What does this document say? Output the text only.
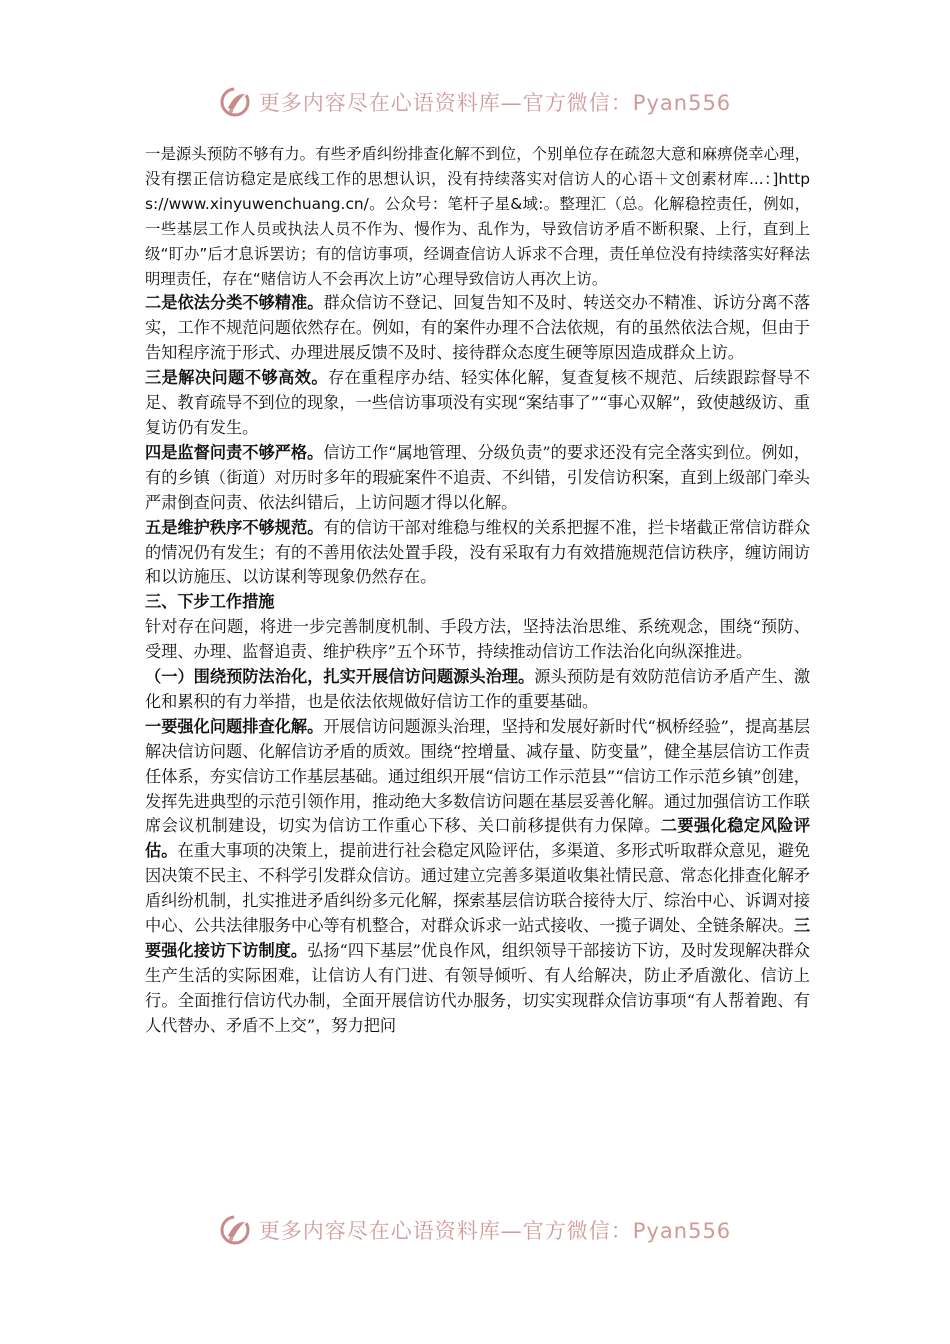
更多内容尽在心语资料库—官方微信：Pyan556

一是源头预防不够有力。有些矛盾纠纷排查化解不到位，个别单位存在疏忽大意和麻痹侥幸心理，没有摆正信访稳定是底线工作的思想认识，没有持续落实对信访人的心语＋文创素材库...：]https://www.xinyuwenchuang.cn/。公众号：笔杆子星&域:。整理汇（总。化解稳控责任，例如，一些基层工作人员或执法人员不作为、慢作为、乱作为，导致信访矛盾不断积聚、上行，直到上级“盯办”后才息诉罢访；有的信访事项，经调查信访人诉求不合理，责任单位没有持续落实好释法明理责任，存在“赌信访人不会再次上访”心理导致信访人再次上访。

二是依法分类不够精准。群众信访不登记、回复告知不及时、转送交办不精准、诉访分离不落实，工作不规范问题依然存在。例如，有的案件办理不合法依规，有的虽然依法合规，但由于告知程序流于形式、办理进展反馈不及时、接待群众态度生硬等原因造成群众上访。

三是解决问题不够高效。存在重程序办结、轻实体化解，复查复核不规范、后续跟踪督导不足、教育疏导不到位的现象，一些信访事项没有实现“案结事了”“事心双解”，致使越级访、重复访仍有发生。

四是监督问责不够严格。信访工作“属地管理、分级负责”的要求还没有完全落实到位。例如，有的乡镇（街道）对历时多年的瑕疵案件不追责、不纠错，引发信访积案，直到上级部门牵头严肃倒查问责、依法纠错后，上访问题才得以化解。

五是维护秩序不够规范。有的信访干部对维稳与维权的关系把握不准，拦卡堵截正常信访群众的情况仍有发生；有的不善用依法处置手段，没有采取有力有效措施规范信访秩序，缠访闹访和以访施压、以访谋利等现象仍然存在。

三、下步工作措施

针对存在问题，将进一步完善制度机制、手段方法，坚持法治思维、系统观念，围绕“预防、受理、办理、监督追责、维护秩序”五个环节，持续推动信访工作法治化向纵深推进。

（一）围绕预防法治化，扎实开展信访问题源头治理。源头预防是有效防范信访矛盾产生、激化和累积的有力举措，也是依法依规做好信访工作的重要基础。

一要强化问题排查化解。开展信访问题源头治理，坚持和发展好新时代“枫桥经验”，提高基层解决信访问题、化解信访矛盾的质效。围绕“控增量、减存量、防变量”，健全基层信访工作责任体系，夯实信访工作基层基础。通过组织开展“信访工作示范县”“信访工作示范乡镇”创建，发挥先进典型的示范引领作用，推动绝大多数信访问题在基层妥善化解。通过加强信访工作联席会议机制建设，切实为信访工作重心下移、关口前移提供有力保障。二要强化稳定风险评估。在重大事项的决策上，提前进行社会稳定风险评估，多渠道、多形式听取群众意见，避免因决策不民主、不科学引发群众信访。通过建立完善多渠道收集社情民意、常态化排查化解矛盾纠纷机制，扎实推进矛盾纠纷多元化解，探索基层信访联合接待大厅、综治中心、诉调对接中心、公共法律服务中心等有机整合，对群众诉求一站式接收、一揽子调处、全链条解决。三要强化接访下访制度。弘扬“四下基层”优良作风，组织领导干部接访下访，及时发现解决群众生产生活的实际困难，让信访人有门进、有领导倾听、有人给解决，防止矛盾激化、信访上行。全面推行信访代办制，全面开展信访代办服务，切实实现群众信访事项“有人帮着跑、有人代替办、矛盾不上交”，努力把问

更多内容尽在心语资料库—官方微信：Pyan556
